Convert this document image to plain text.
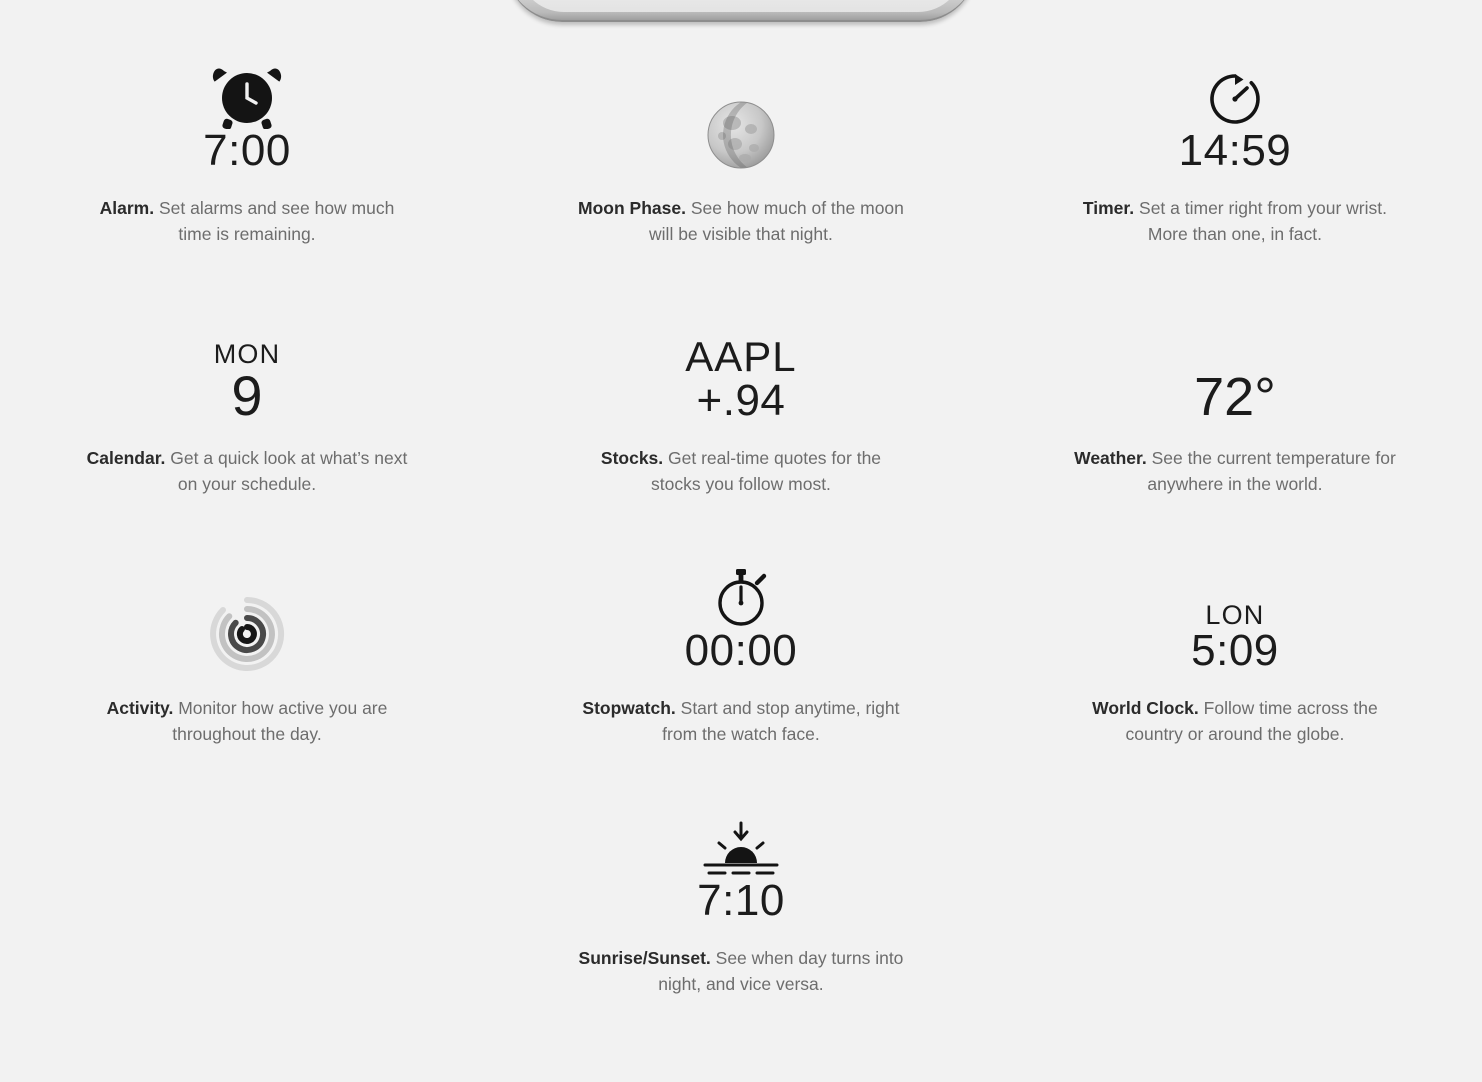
7:00
Alarm. Set alarms and see how much time is remaining.
Moon Phase. See how much of the moon will be visible that night.
14:59
Timer. Set a timer right from your wrist. More than one, in fact.
MON
9
Calendar. Get a quick look at what’s next on your schedule.
AAPL
+.94
Stocks. Get real-time quotes for the stocks you follow most.
72°
Weather. See the current temperature for anywhere in the world.
Activity. Monitor how active you are throughout the day.
00:00
Stopwatch. Start and stop anytime, right from the watch face.
LON
5:09
World Clock. Follow time across the country or around the globe.
7:10
Sunrise/Sunset. See when day turns into night, and vice versa.
